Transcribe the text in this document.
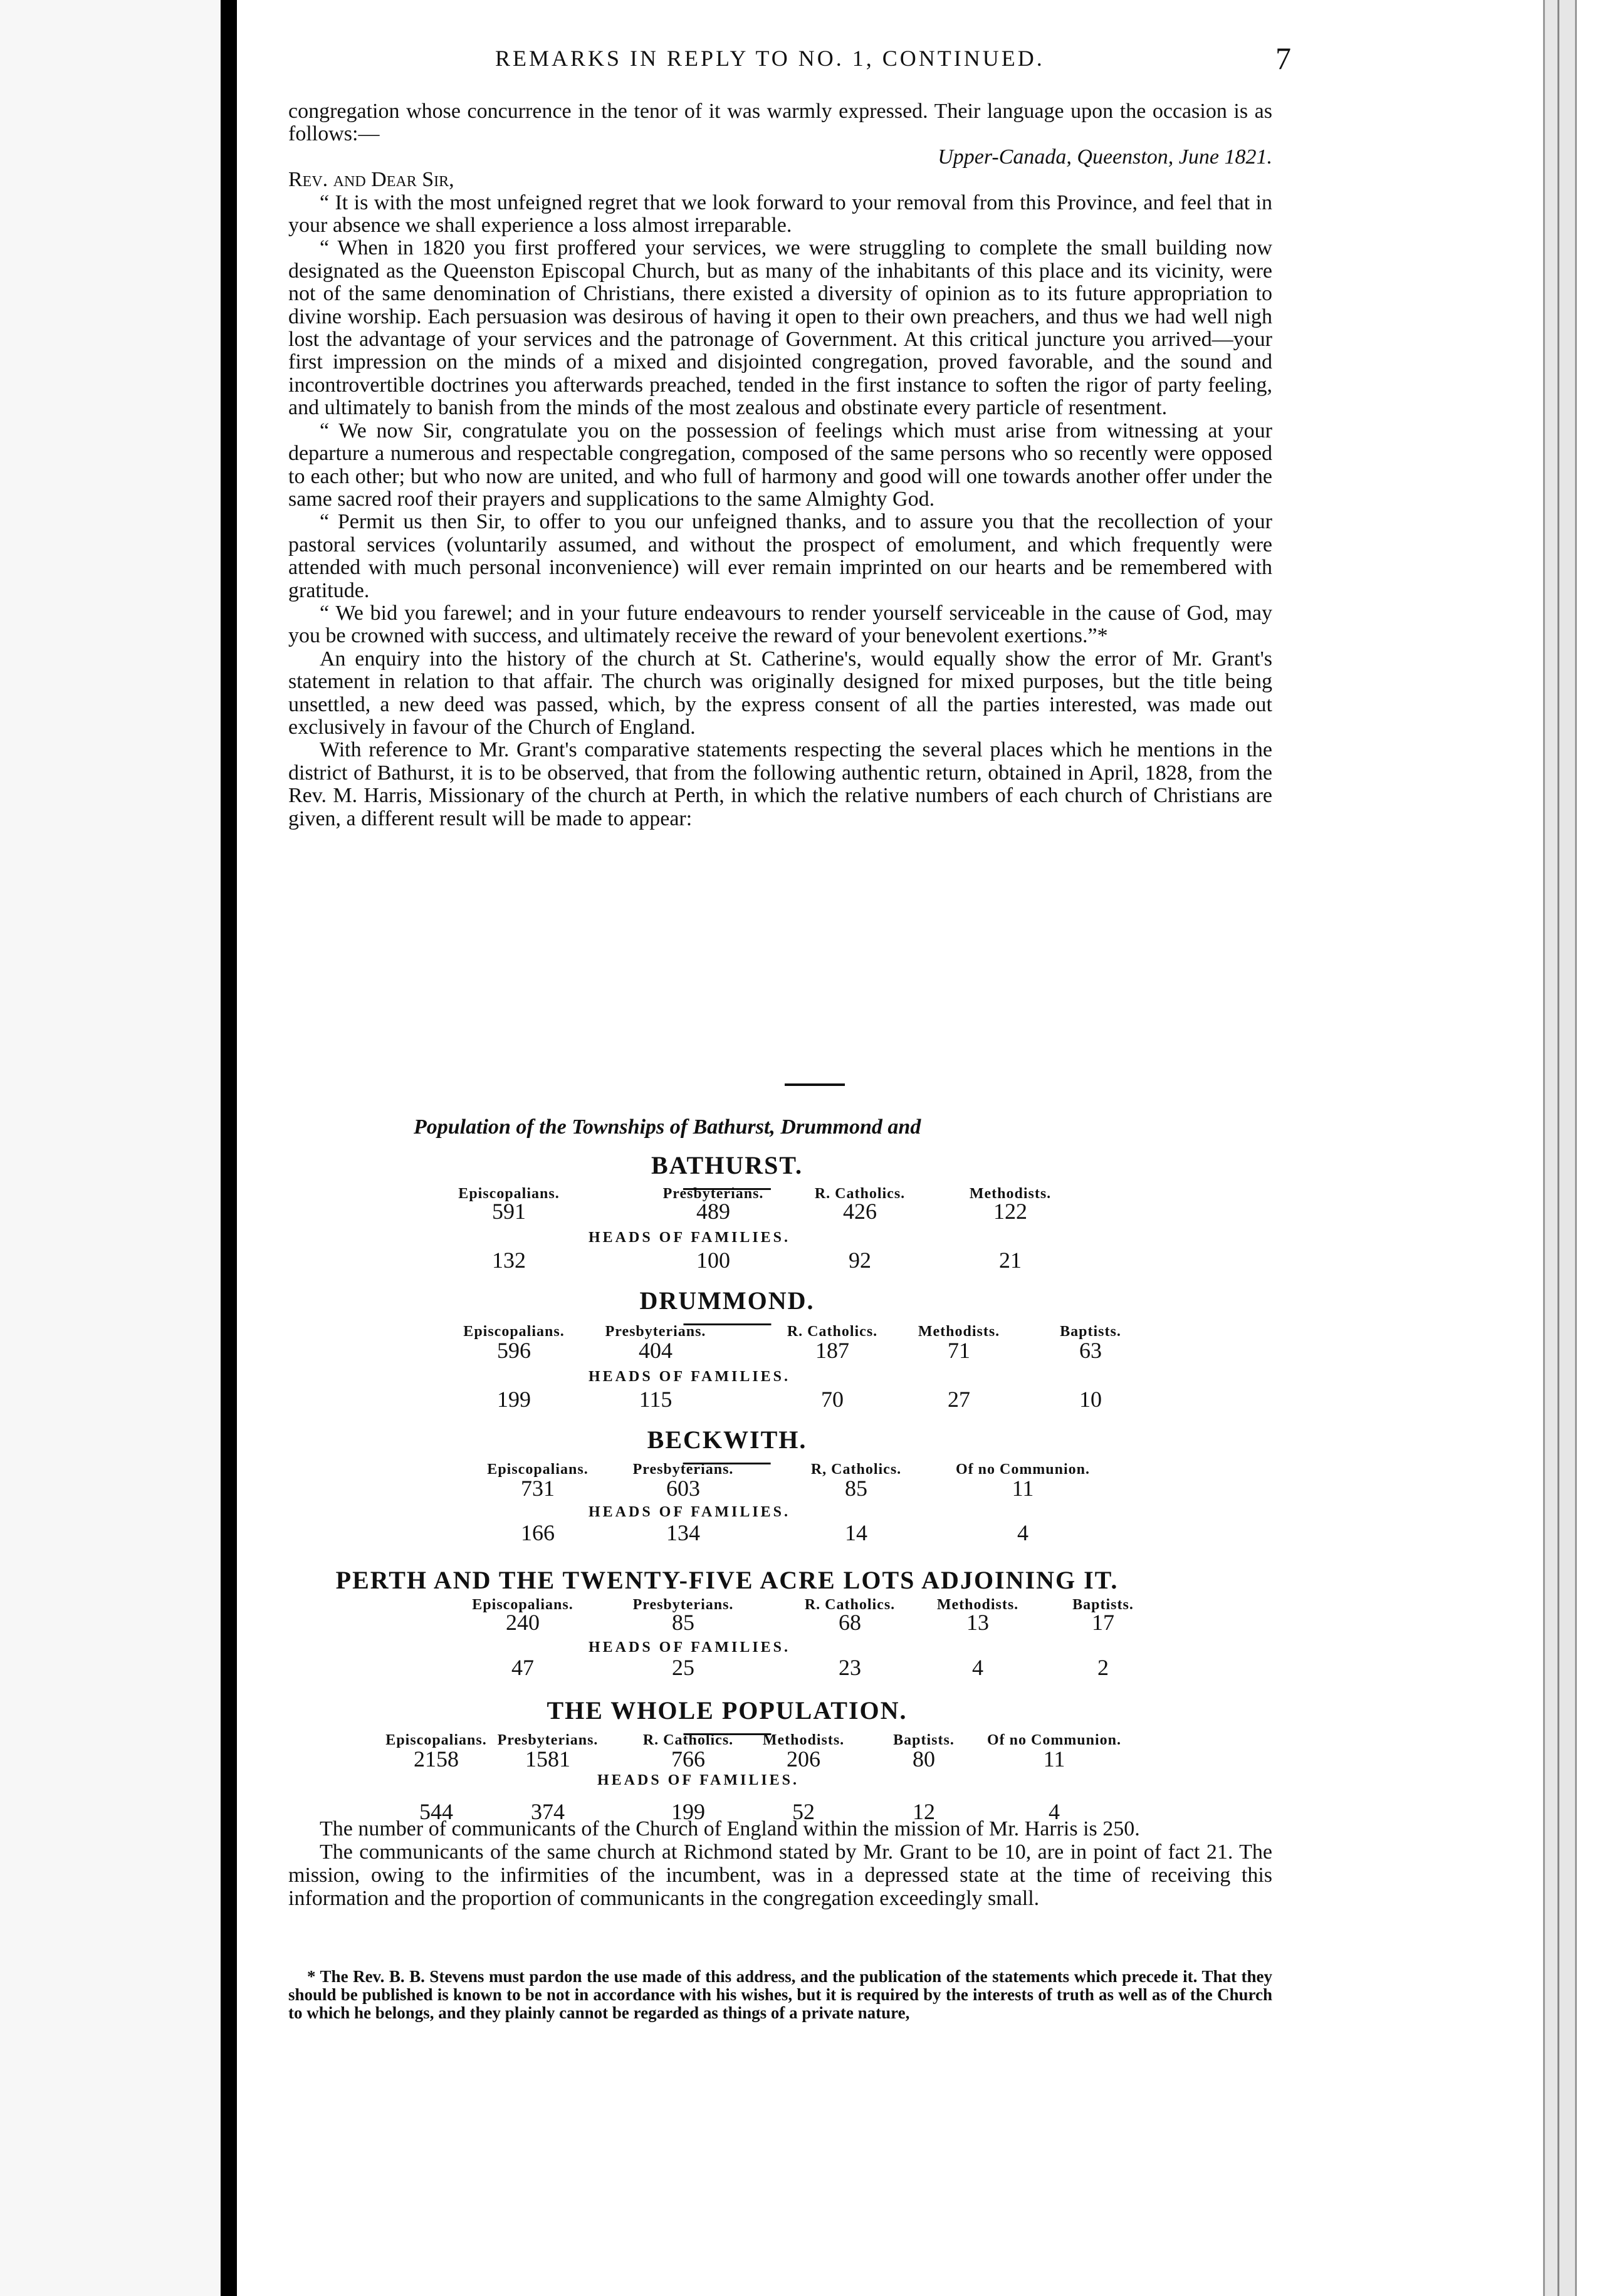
REMARKS IN REPLY TO NO. 1, CONTINUED.	7

congregation whose concurrence in the tenor of it was warmly expressed. Their language upon the occasion is as follows:—

Upper-Canada, Queenston, June 1821.

Rev. and Dear Sir,

“ It is with the most unfeigned regret that we look forward to your removal from this Province, and feel that in your absence we shall experience a loss almost irreparable.

“ When in 1820 you first proffered your services, we were struggling to complete the small building now designated as the Queenston Episcopal Church, but as many of the inhabitants of this place and its vicinity, were not of the same denomination of Christians, there existed a diversity of opinion as to its future appropriation to divine worship. Each persuasion was desirous of having it open to their own preachers, and thus we had well nigh lost the advantage of your services and the patronage of Government. At this critical juncture you arrived—your first impression on the minds of a mixed and disjointed congregation, proved favorable, and the sound and incontrovertible doctrines you afterwards preached, tended in the first instance to soften the rigor of party feeling, and ultimately to banish from the minds of the most zealous and obstinate every particle of resentment.

“ We now Sir, congratulate you on the possession of feelings which must arise from witnessing at your departure a numerous and respectable congregation, composed of the same persons who so recently were opposed to each other; but who now are united, and who full of harmony and good will one towards another offer under the same sacred roof their prayers and supplications to the same Almighty God.

“ Permit us then Sir, to offer to you our unfeigned thanks, and to assure you that the recollection of your pastoral services (voluntarily assumed, and without the prospect of emolument, and which frequently were attended with much personal inconvenience) will ever remain imprinted on our hearts and be remembered with gratitude.

“ We bid you farewel; and in your future endeavours to render yourself serviceable in the cause of God, may you be crowned with success, and ultimately receive the reward of your benevolent exertions.”*

An enquiry into the history of the church at St. Catherine's, would equally show the error of Mr. Grant's statement in relation to that affair. The church was originally designed for mixed purposes, but the title being unsettled, a new deed was passed, which, by the express consent of all the parties interested, was made out exclusively in favour of the Church of England.

With reference to Mr. Grant's comparative statements respecting the several places which he mentions in the district of Bathurst, it is to be observed, that from the following authentic return, obtained in April, 1828, from the Rev. M. Harris, Missionary of the church at Perth, in which the relative numbers of each church of Christians are given, a different result will be made to appear:

Population of the Townships of Bathurst, Drummond and
BATHURST.
Episcopalians.
591
132
Presbyterians.
489
100
R. Catholics.
426
92
Methodists.
122
21
HEADS OF FAMILIES.
DRUMMOND.
Episcopalians.
596
199
Presbyterians.
404
115
R. Catholics.
187
70
Methodists.
71
27
Baptists.
63
10
HEADS OF FAMILIES.
BECKWITH.
Episcopalians.
731
166
Presbyterians.
603
134
R, Catholics.
85
14
Of no Communion.
11
4
HEADS OF FAMILIES.
PERTH AND THE TWENTY-FIVE ACRE LOTS ADJOINING IT.
Episcopalians.
240
47
Presbyterians.
85
25
R. Catholics.
68
23
Methodists.
13
4
Baptists.
17
2
HEADS OF FAMILIES.
THE WHOLE POPULATION.
Episcopalians.
2158
544
Presbyterians.
1581
374
R. Catholics.
766
199
Methodists.
206
52
Baptists.
80
12
Of no Communion.
11
4
HEADS OF FAMILIES.

The number of communicants of the Church of England within the mission of Mr. Harris is 250.

The communicants of the same church at Richmond stated by Mr. Grant to be 10, are in point of fact 21. The mission, owing to the infirmities of the incumbent, was in a depressed state at the time of receiving this information and the proportion of communicants in the congregation exceedingly small.

* The Rev. B. B. Stevens must pardon the use made of this address, and the publication of the statements which precede it. That they should be published is known to be not in accordance with his wishes, but it is required by the interests of truth as well as of the Church to which he belongs, and they plainly cannot be regarded as things of a private nature,
